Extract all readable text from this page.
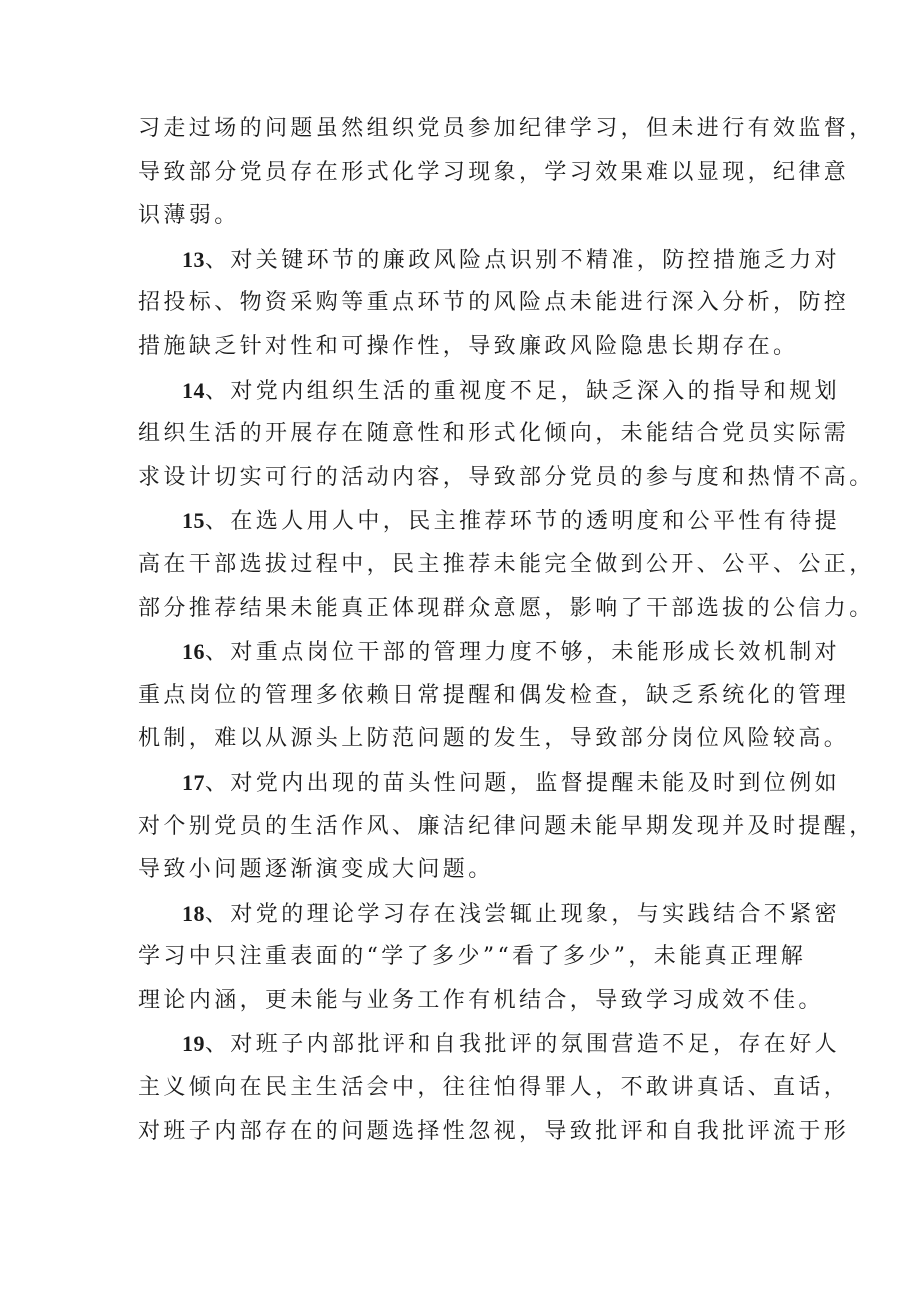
习走过场的问题虽然组织党员参加纪律学习，但未进行有效监督，
导致部分党员存在形式化学习现象，学习效果难以显现，纪律意
识薄弱。
13、对关键环节的廉政风险点识别不精准，防控措施乏力对
招投标、物资采购等重点环节的风险点未能进行深入分析，防控
措施缺乏针对性和可操作性，导致廉政风险隐患长期存在。
14、对党内组织生活的重视度不足，缺乏深入的指导和规划
组织生活的开展存在随意性和形式化倾向，未能结合党员实际需
求设计切实可行的活动内容，导致部分党员的参与度和热情不高。
15、在选人用人中，民主推荐环节的透明度和公平性有待提
高在干部选拔过程中，民主推荐未能完全做到公开、公平、公正，
部分推荐结果未能真正体现群众意愿，影响了干部选拔的公信力。
16、对重点岗位干部的管理力度不够，未能形成长效机制对
重点岗位的管理多依赖日常提醒和偶发检查，缺乏系统化的管理
机制，难以从源头上防范问题的发生，导致部分岗位风险较高。
17、对党内出现的苗头性问题，监督提醒未能及时到位例如
对个别党员的生活作风、廉洁纪律问题未能早期发现并及时提醒，
导致小问题逐渐演变成大问题。
18、对党的理论学习存在浅尝辄止现象，与实践结合不紧密
学习中只注重表面的“学了多少”“看了多少”，未能真正理解
理论内涵，更未能与业务工作有机结合，导致学习成效不佳。
19、对班子内部批评和自我批评的氛围营造不足，存在好人
主义倾向在民主生活会中，往往怕得罪人，不敢讲真话、直话，
对班子内部存在的问题选择性忽视，导致批评和自我批评流于形
